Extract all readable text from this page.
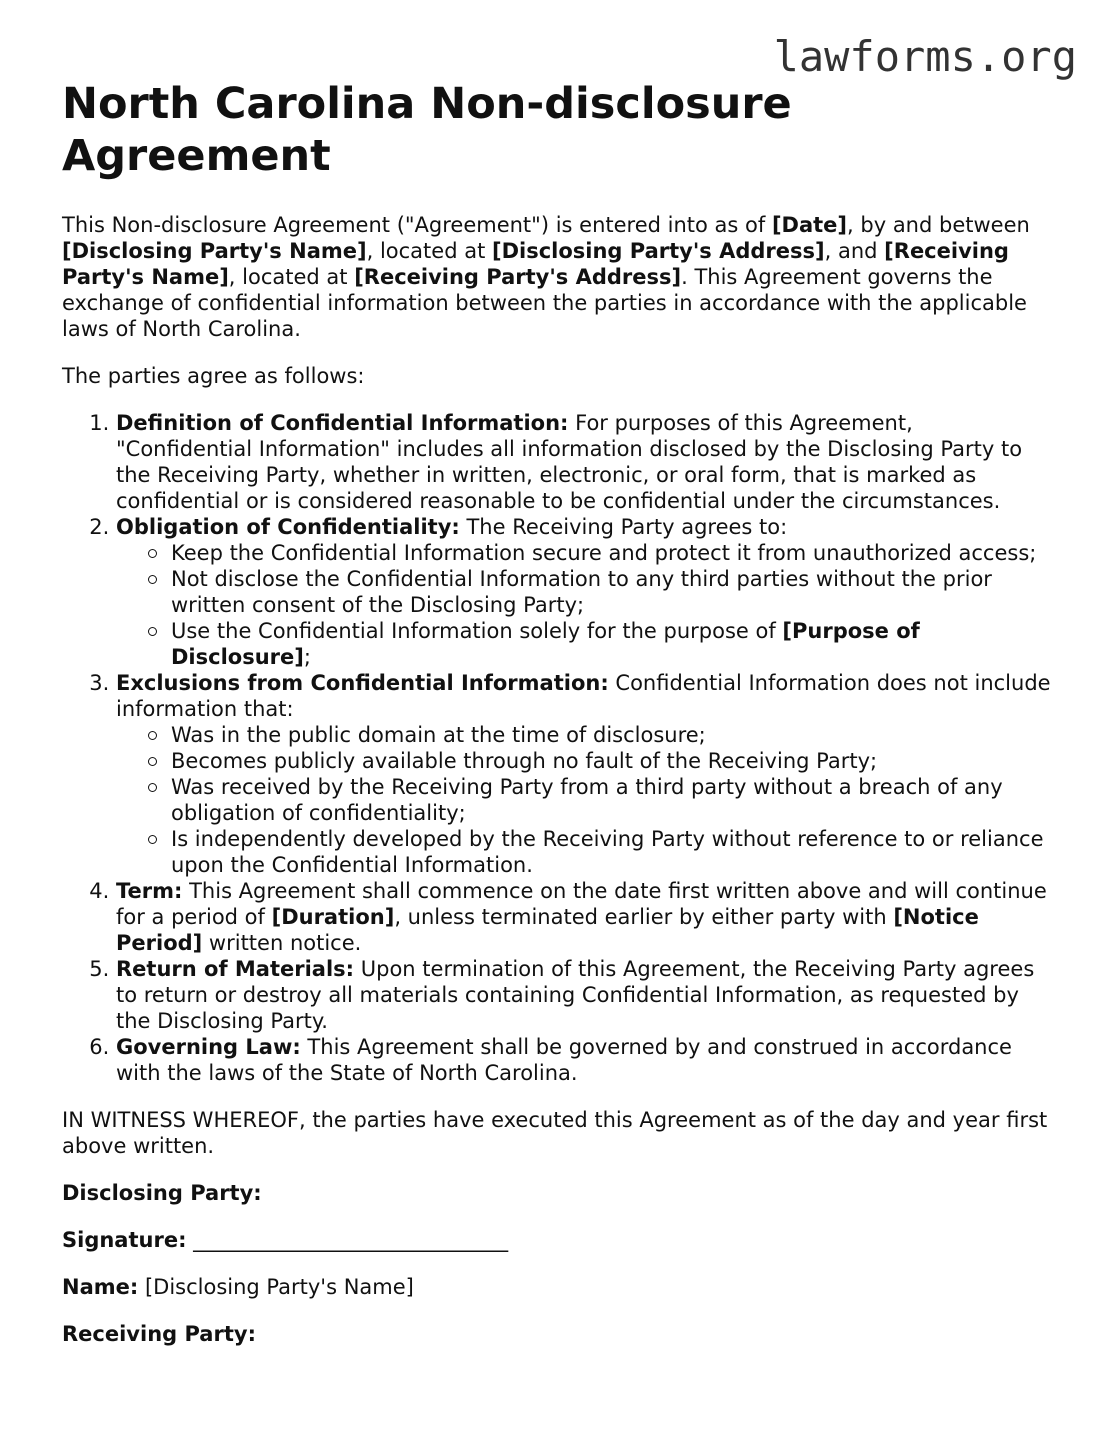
lawforms.org
North Carolina Non-disclosure Agreement

This Non-disclosure Agreement ("Agreement") is entered into as of [Date], by and between [Disclosing Party's Name], located at [Disclosing Party's Address], and [Receiving Party's Name], located at [Receiving Party's Address]. This Agreement governs the exchange of confidential information between the parties in accordance with the applicable laws of North Carolina.

The parties agree as follows:

1. Definition of Confidential Information: For purposes of this Agreement, "Confidential Information" includes all information disclosed by the Disclosing Party to the Receiving Party, whether in written, electronic, or oral form, that is marked as confidential or is considered reasonable to be confidential under the circumstances.
2. Obligation of Confidentiality: The Receiving Party agrees to:
Keep the Confidential Information secure and protect it from unauthorized access;
Not disclose the Confidential Information to any third parties without the prior written consent of the Disclosing Party;
Use the Confidential Information solely for the purpose of [Purpose of Disclosure];
3. Exclusions from Confidential Information: Confidential Information does not include information that:
Was in the public domain at the time of disclosure;
Becomes publicly available through no fault of the Receiving Party;
Was received by the Receiving Party from a third party without a breach of any obligation of confidentiality;
Is independently developed by the Receiving Party without reference to or reliance upon the Confidential Information.
4. Term: This Agreement shall commence on the date first written above and will continue for a period of [Duration], unless terminated earlier by either party with [Notice Period] written notice.
5. Return of Materials: Upon termination of this Agreement, the Receiving Party agrees to return or destroy all materials containing Confidential Information, as requested by the Disclosing Party.
6. Governing Law: This Agreement shall be governed by and construed in accordance with the laws of the State of North Carolina.

IN WITNESS WHEREOF, the parties have executed this Agreement as of the day and year first above written.

Disclosing Party:

Signature: ______________________________

Name: [Disclosing Party's Name]

Receiving Party:
